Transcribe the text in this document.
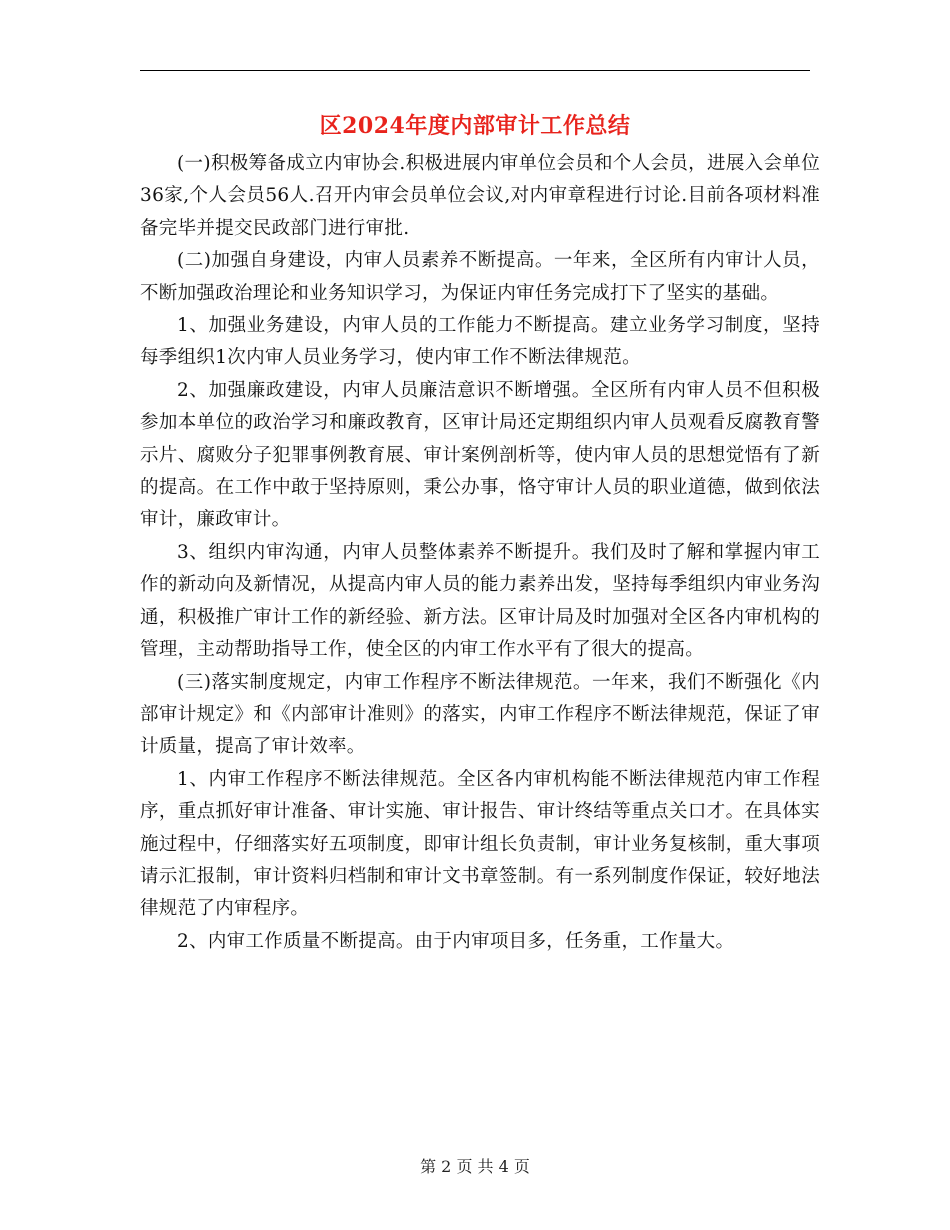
区2024年度内部审计工作总结

(一)积极筹备成立内审协会.积极进展内审单位会员和个人会员，进展入会单位36家,个人会员56人.召开内审会员单位会议,对内审章程进行讨论.目前各项材料准备完毕并提交民政部门进行审批.

(二)加强自身建设，内审人员素养不断提高。一年来，全区所有内审计人员，不断加强政治理论和业务知识学习，为保证内审任务完成打下了坚实的基础。

1、加强业务建设，内审人员的工作能力不断提高。建立业务学习制度，坚持每季组织1次内审人员业务学习，使内审工作不断法律规范。

2、加强廉政建设，内审人员廉洁意识不断增强。全区所有内审人员不但积极参加本单位的政治学习和廉政教育，区审计局还定期组织内审人员观看反腐教育警示片、腐败分子犯罪事例教育展、审计案例剖析等，使内审人员的思想觉悟有了新的提高。在工作中敢于坚持原则，秉公办事，恪守审计人员的职业道德，做到依法审计，廉政审计。

3、组织内审沟通，内审人员整体素养不断提升。我们及时了解和掌握内审工作的新动向及新情况，从提高内审人员的能力素养出发，坚持每季组织内审业务沟通，积极推广审计工作的新经验、新方法。区审计局及时加强对全区各内审机构的管理，主动帮助指导工作，使全区的内审工作水平有了很大的提高。

(三)落实制度规定，内审工作程序不断法律规范。一年来，我们不断强化《内部审计规定》和《内部审计准则》的落实，内审工作程序不断法律规范，保证了审计质量，提高了审计效率。

1、内审工作程序不断法律规范。全区各内审机构能不断法律规范内审工作程序，重点抓好审计准备、审计实施、审计报告、审计终结等重点关口才。在具体实施过程中，仔细落实好五项制度，即审计组长负责制，审计业务复核制，重大事项请示汇报制，审计资料归档制和审计文书章签制。有一系列制度作保证，较好地法律规范了内审程序。

2、内审工作质量不断提高。由于内审项目多，任务重，工作量大。

第 2 页 共 4 页
